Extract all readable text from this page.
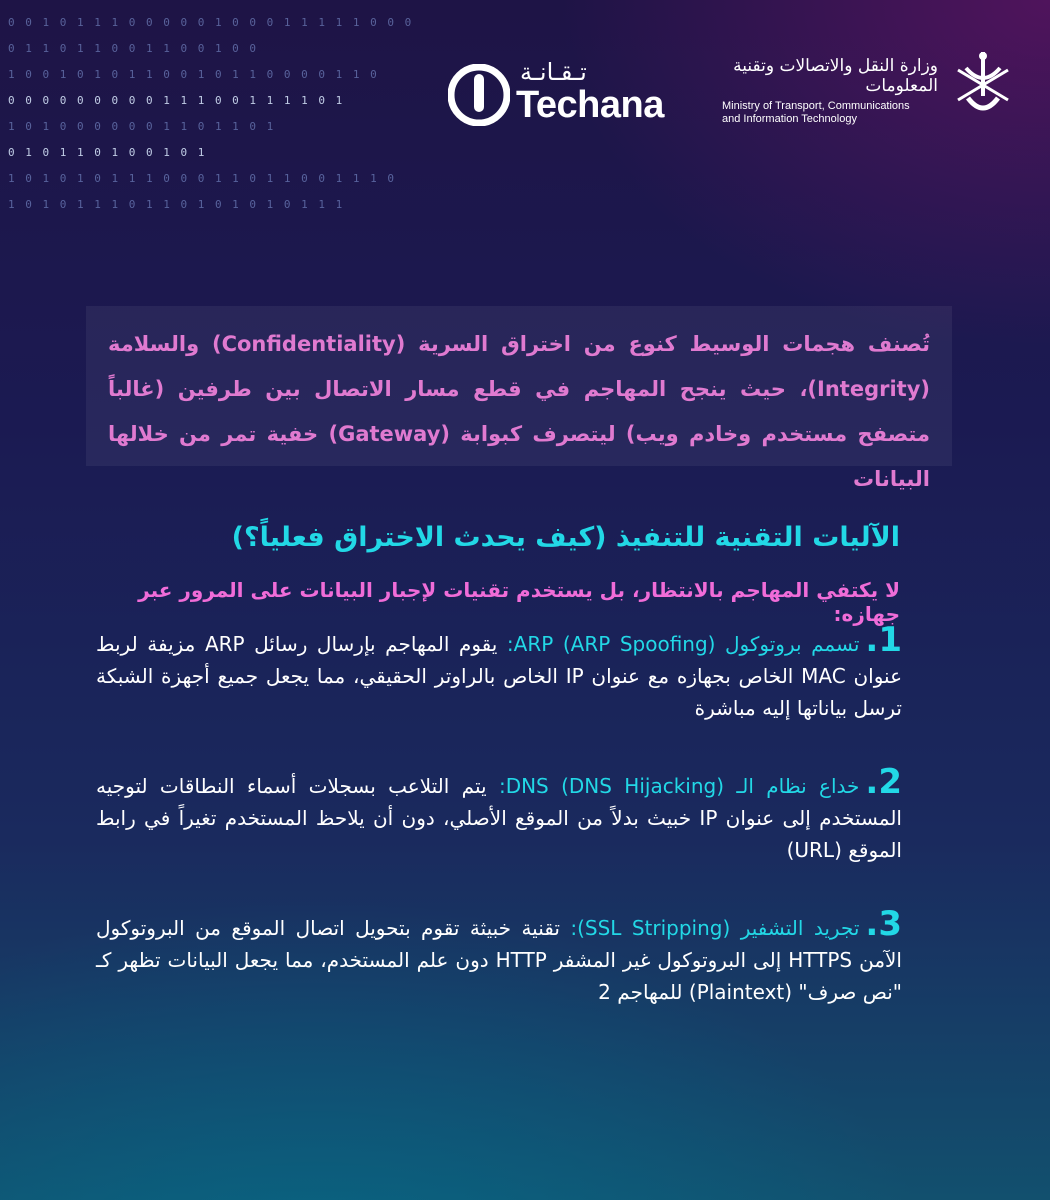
0 0 1 0 1 1 1 0 0 0 0 0 1 0 0 0 1 1 1 1 1 0 0 0
0 1 1 0 1 1 0 0 1 1 0 0 1 0 0
1 0 0 1 0 1 0 1 1 0 0 1 0 1 1 0 0 0 0 1 1 0
0 0 0 0 0 0 0 0 0 1 1 1 0 0 1 1 1 1 0 1
1 0 1 0 0 0 0 0 0 1 1 0 1 1 0 1
0 1 0 1 1 0 1 0 0 1 0 1
1 0 1 0 1 0 1 1 1 0 0 0 1 1 0 1 1 0 0 1 1 1 0
1 0 1 0 1 1 1 0 1 1 0 1 0 1 0 1 0 1 1 1
تـقـانـة
Techana
وزارة النقل والاتصالات وتقنية المعلومات
Ministry of Transport, Communications
and Information Technology
تُصنف هجمات الوسيط كنوع من اختراق السرية (Confidentiality) والسلامة (Integrity)، حيث ينجح المهاجم في قطع مسار الاتصال بين طرفين (غالباً متصفح مستخدم وخادم ويب) ليتصرف كبوابة (Gateway) خفية تمر من خلالها البيانات
الآليات التقنية للتنفيذ (كيف يحدث الاختراق فعلياً؟)
لا يكتفي المهاجم بالانتظار، بل يستخدم تقنيات لإجبار البيانات على المرور عبر جهازه:
1.تسمم بروتوكول ARP (ARP Spoofing): يقوم المهاجم بإرسال رسائل ARP مزيفة لربط عنوان MAC الخاص بجهازه مع عنوان IP الخاص بالراوتر الحقيقي، مما يجعل جميع أجهزة الشبكة ترسل بياناتها إليه مباشرة
2.خداع نظام الـ DNS (DNS Hijacking): يتم التلاعب بسجلات أسماء النطاقات لتوجيه المستخدم إلى عنوان IP خبيث بدلاً من الموقع الأصلي، دون أن يلاحظ المستخدم تغيراً في رابط الموقع (URL)
3.تجريد التشفير (SSL Stripping): تقنية خبيثة تقوم بتحويل اتصال الموقع من البروتوكول الآمن HTTPS إلى البروتوكول غير المشفر HTTP دون علم المستخدم، مما يجعل البيانات تظهر كـ "نص صرف" (Plaintext) للمهاجم 2
